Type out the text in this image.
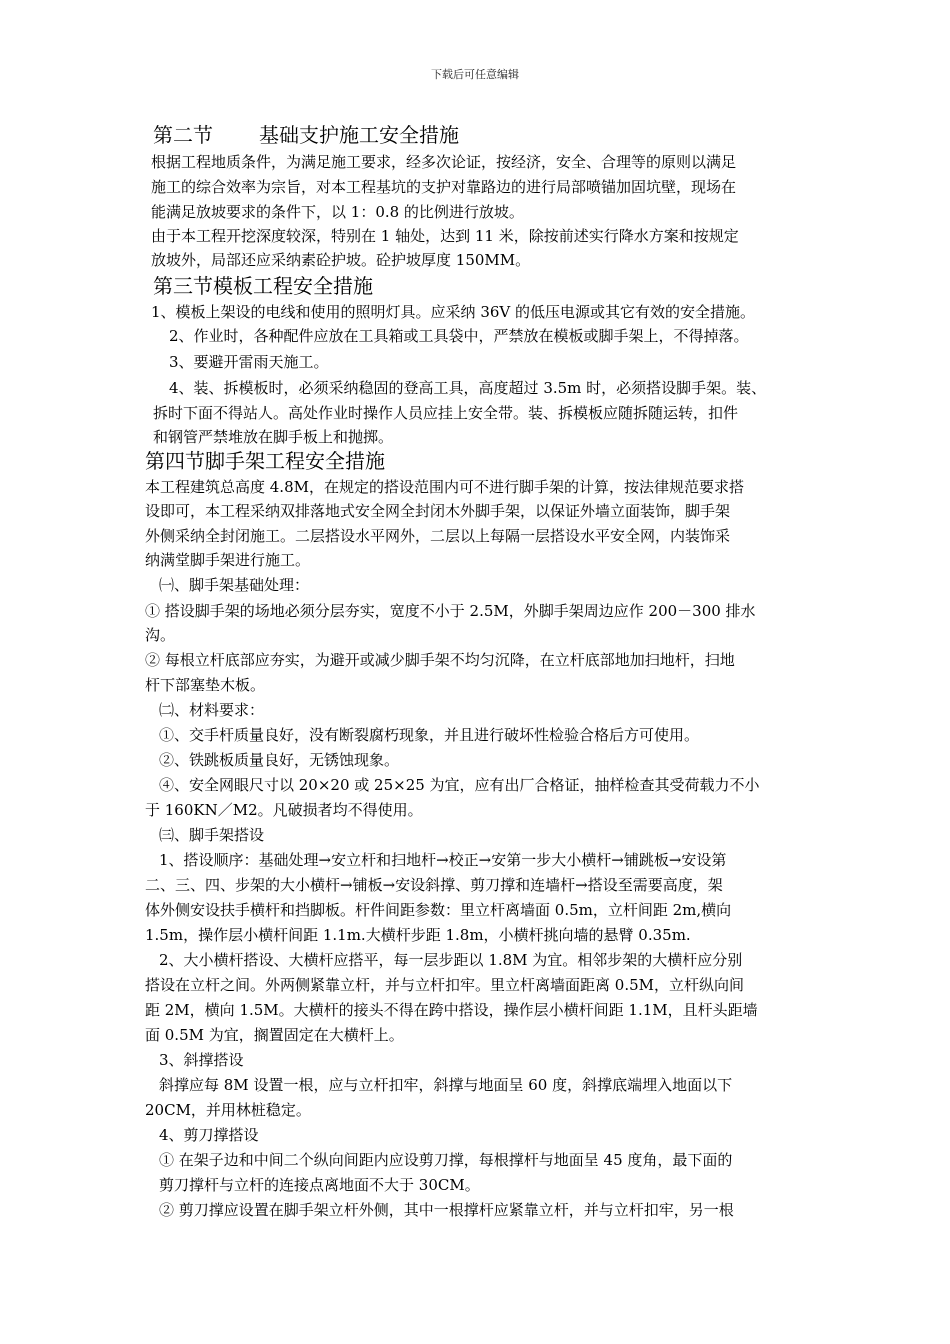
下载后可任意编辑
第二节 基础支护施工安全措施
根据工程地质条件，为满足施工要求，经多次论证，按经济，安全、合理等的原则以满足
施工的综合效率为宗旨，对本工程基坑的支护对靠路边的进行局部喷锚加固坑壁，现场在
能满足放坡要求的条件下，以 1：0.8 的比例进行放坡。
由于本工程开挖深度较深，特别在 1 轴处，达到 11 米，除按前述实行降水方案和按规定
放坡外，局部还应采纳素砼护坡。砼护坡厚度 150MM。
第三节模板工程安全措施
1、模板上架设的电线和使用的照明灯具。应采纳 36V 的低压电源或其它有效的安全措施。
2、作业时，各种配件应放在工具箱或工具袋中，严禁放在模板或脚手架上，不得掉落。
3、要避开雷雨天施工。
4、装、拆模板时，必须采纳稳固的登高工具，高度超过 3.5m 时，必须搭设脚手架。装、
拆时下面不得站人。高处作业时操作人员应挂上安全带。装、拆模板应随拆随运转，扣件
和钢管严禁堆放在脚手板上和抛掷。
第四节脚手架工程安全措施
本工程建筑总高度 4.8M，在规定的搭设范围内可不进行脚手架的计算，按法律规范要求搭
设即可，本工程采纳双排落地式安全网全封闭木外脚手架，以保证外墙立面装饰，脚手架
外侧采纳全封闭施工。二层搭设水平网外，二层以上每隔一层搭设水平安全网，内装饰采
纳满堂脚手架进行施工。
㈠、脚手架基础处理：
① 搭设脚手架的场地必须分层夯实，宽度不小于 2.5M，外脚手架周边应作 200－300 排水
沟。
② 每根立杆底部应夯实，为避开或减少脚手架不均匀沉降，在立杆底部地加扫地杆，扫地
杆下部塞垫木板。
㈡、材料要求：
①、交手杆质量良好，没有断裂腐朽现象，并且进行破坏性检验合格后方可使用。
②、铁跳板质量良好，无锈蚀现象。
④、安全网眼尺寸以 20×20 或 25×25 为宜，应有出厂合格证，抽样检查其受荷载力不小
于 160KN／M2。凡破损者均不得使用。
㈢、脚手架搭设
1、搭设顺序：基础处理→安立杆和扫地杆→校正→安第一步大小横杆→铺跳板→安设第
二、三、四、步架的大小横杆→铺板→安设斜撑、剪刀撑和连墙杆→搭设至需要高度，架
体外侧安设扶手横杆和挡脚板。杆件间距参数：里立杆离墙面 0.5m，立杆间距 2m,横向
1.5m，操作层小横杆间距 1.1m.大横杆步距 1.8m，小横杆挑向墙的悬臂 0.35m.
2、大小横杆搭设、大横杆应搭平，每一层步距以 1.8M 为宜。相邻步架的大横杆应分别
搭设在立杆之间。外两侧紧靠立杆，并与立杆扣牢。里立杆离墙面距离 0.5M，立杆纵向间
距 2M，横向 1.5M。大横杆的接头不得在跨中搭设，操作层小横杆间距 1.1M，且杆头距墙
面 0.5M 为宜，搁置固定在大横杆上。
3、斜撑搭设
斜撑应每 8M 设置一根，应与立杆扣牢，斜撑与地面呈 60 度，斜撑底端埋入地面以下
20CM，并用林桩稳定。
4、剪刀撑搭设
① 在架子边和中间二个纵向间距内应设剪刀撑，每根撑杆与地面呈 45 度角，最下面的
剪刀撑杆与立杆的连接点离地面不大于 30CM。
② 剪刀撑应设置在脚手架立杆外侧，其中一根撑杆应紧靠立杆，并与立杆扣牢，另一根
